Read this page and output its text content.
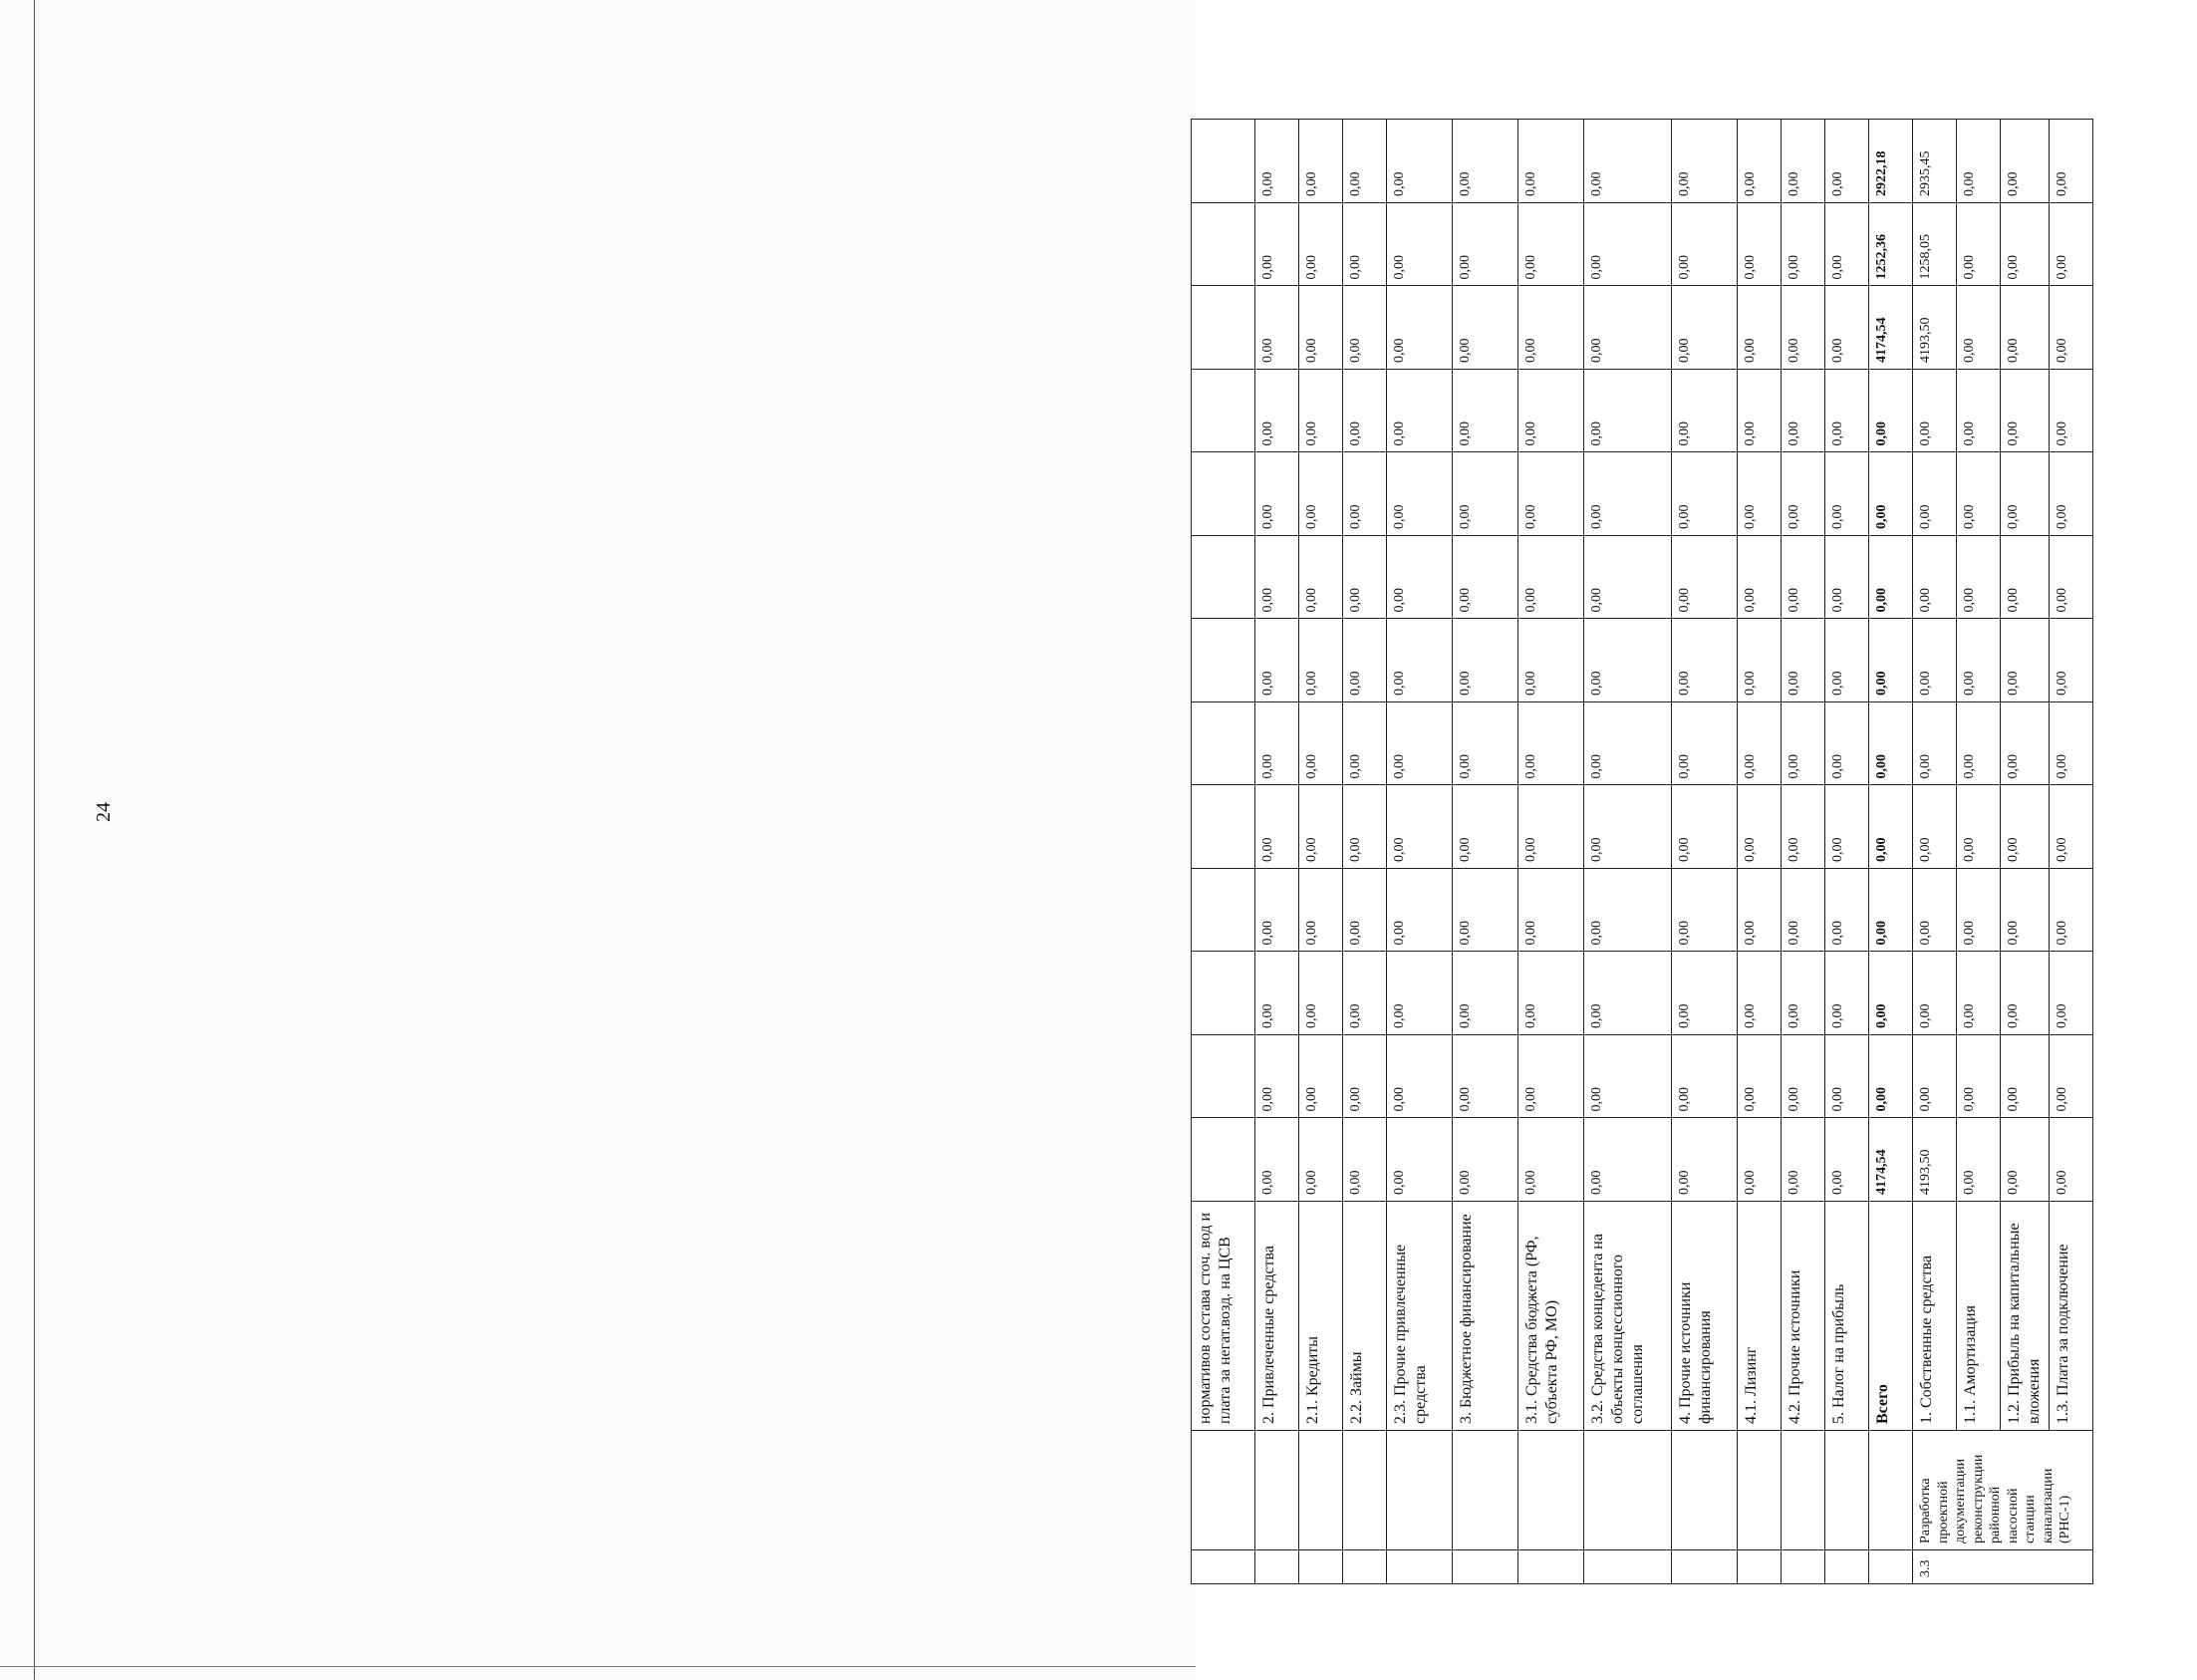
24
		нормативов состава сточ. вод и плата за негат.возд. на ЦСВ													
		2. Привлеченные средства	0,00	0,00	0,00	0,00	0,00	0,00	0,00	0,00	0,00	0,00	0,00	0,00	0,00
		2.1. Кредиты	0,00	0,00	0,00	0,00	0,00	0,00	0,00	0,00	0,00	0,00	0,00	0,00	0,00
		2.2. Займы	0,00	0,00	0,00	0,00	0,00	0,00	0,00	0,00	0,00	0,00	0,00	0,00	0,00
		2.3. Прочие привлеченные средства	0,00	0,00	0,00	0,00	0,00	0,00	0,00	0,00	0,00	0,00	0,00	0,00	0,00
		3. Бюджетное финансирование	0,00	0,00	0,00	0,00	0,00	0,00	0,00	0,00	0,00	0,00	0,00	0,00	0,00
		3.1. Средства бюджета (РФ, субъекта РФ, МО)	0,00	0,00	0,00	0,00	0,00	0,00	0,00	0,00	0,00	0,00	0,00	0,00	0,00
		3.2. Средства концедента на объекты концессионного соглашения	0,00	0,00	0,00	0,00	0,00	0,00	0,00	0,00	0,00	0,00	0,00	0,00	0,00
		4. Прочие источники финансирования	0,00	0,00	0,00	0,00	0,00	0,00	0,00	0,00	0,00	0,00	0,00	0,00	0,00
		4.1. Лизинг	0,00	0,00	0,00	0,00	0,00	0,00	0,00	0,00	0,00	0,00	0,00	0,00	0,00
		4.2. Прочие источники	0,00	0,00	0,00	0,00	0,00	0,00	0,00	0,00	0,00	0,00	0,00	0,00	0,00
		5. Налог на прибыль	0,00	0,00	0,00	0,00	0,00	0,00	0,00	0,00	0,00	0,00	0,00	0,00	0,00
		Всего	4174,54	0,00	0,00	0,00	0,00	0,00	0,00	0,00	0,00	0,00	4174,54	1252,36	2922,18
3.3	Разработка проектной документации реконструкции районной насосной станции канализации (РНС-1)	1. Собственные средства	4193,50	0,00	0,00	0,00	0,00	0,00	0,00	0,00	0,00	0,00	4193,50	1258,05	2935,45
		1.1. Амортизация	0,00	0,00	0,00	0,00	0,00	0,00	0,00	0,00	0,00	0,00	0,00	0,00	0,00
		1.2. Прибыль на капитальные вложения	0,00	0,00	0,00	0,00	0,00	0,00	0,00	0,00	0,00	0,00	0,00	0,00	0,00
		1.3. Плата за подключение	0,00	0,00	0,00	0,00	0,00	0,00	0,00	0,00	0,00	0,00	0,00	0,00	0,00
